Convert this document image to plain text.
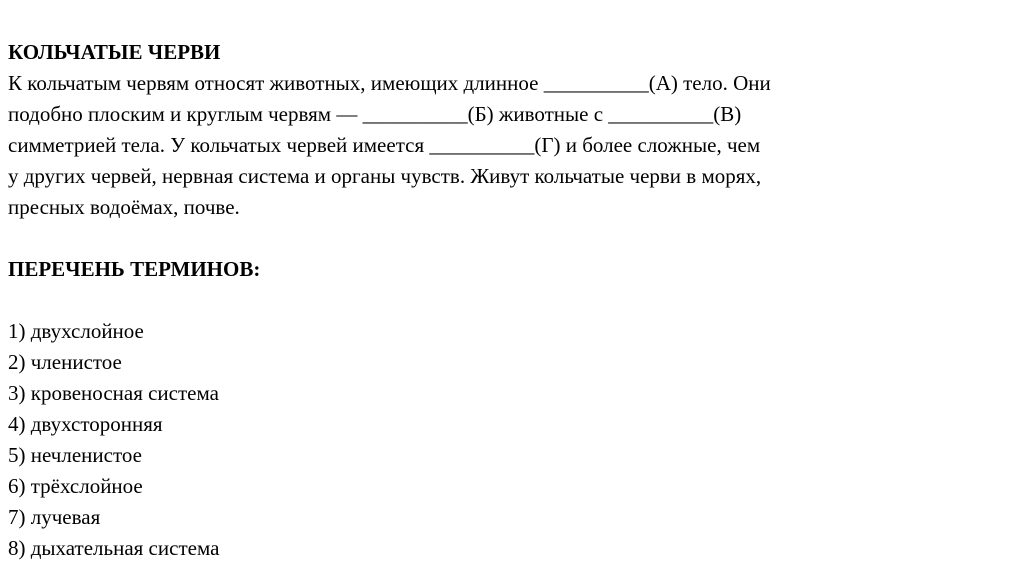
КОЛЬЧАТЫЕ ЧЕРВИ
К кольчатым червям относят животных, имеющих длинное __________(А) тело. Они
подобно плоским и круглым червям — __________(Б) животные с __________(В)
симметрией тела. У кольчатых червей имеется __________(Г) и более сложные, чем
у других червей, нервная система и органы чувств. Живут кольчатые черви в морях,
пресных водоёмах, почве.
ПЕРЕЧЕНЬ ТЕРМИНОВ:
1) двухслойное
2) членистое
3) кровеносная система
4) двухсторонняя
5) нечленистое
6) трёхслойное
7) лучевая
8) дыхательная система
